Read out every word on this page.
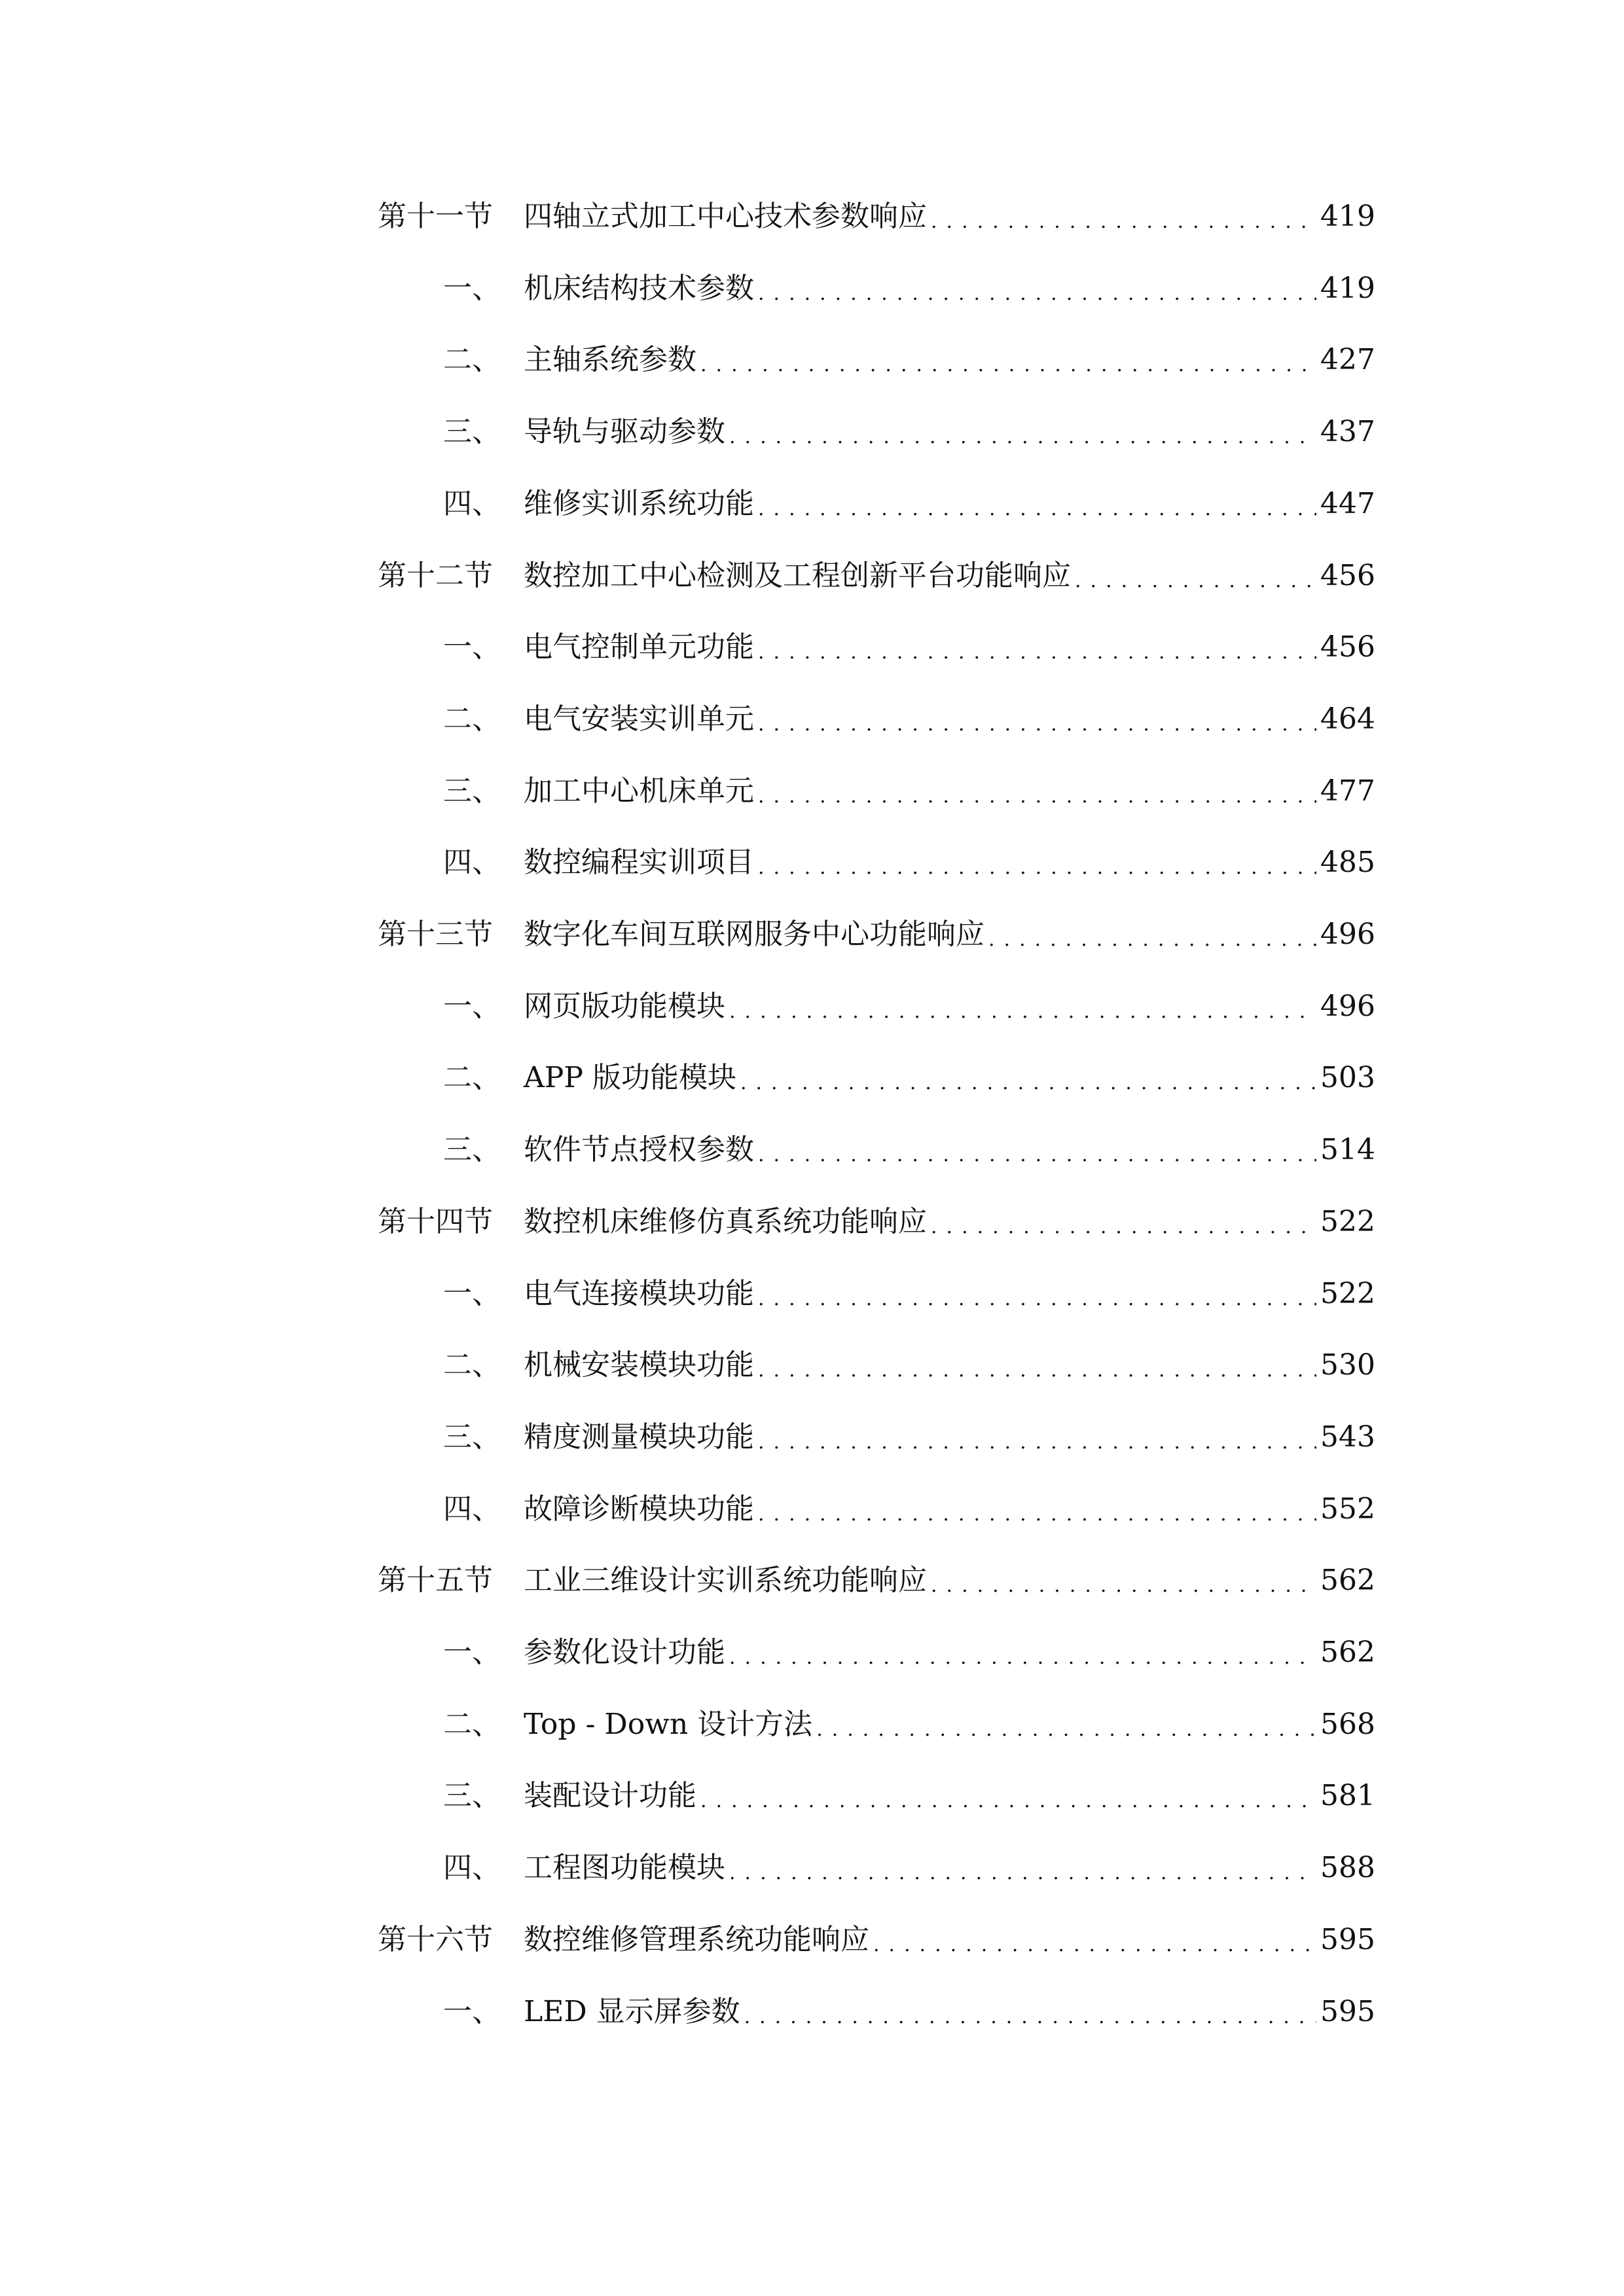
第十一节	四轴立式加工中心技术参数响应 .....	419
一、 机床结构技术参数 .....	419
二、 主轴系统参数 .....	427
三、 导轨与驱动参数 .....	437
四、 维修实训系统功能 .....	447
第十二节	数控加工中心检测及工程创新平台功能响应 .....	456
一、 电气控制单元功能 .....	456
二、 电气安装实训单元 .....	464
三、 加工中心机床单元 .....	477
四、 数控编程实训项目 .....	485
第十三节	数字化车间互联网服务中心功能响应 .....	496
一、 网页版功能模块 .....	496
二、 APP 版功能模块 .....	503
三、 软件节点授权参数 .....	514
第十四节	数控机床维修仿真系统功能响应 .....	522
一、 电气连接模块功能 .....	522
二、 机械安装模块功能 .....	530
三、 精度测量模块功能 .....	543
四、 故障诊断模块功能 .....	552
第十五节	工业三维设计实训系统功能响应 .....	562
一、 参数化设计功能 .....	562
二、 Top - Down 设计方法 .....	568
三、 装配设计功能 .....	581
四、 工程图功能模块 .....	588
第十六节	数控维修管理系统功能响应 .....	595
一、 LED 显示屏参数 .....	595
